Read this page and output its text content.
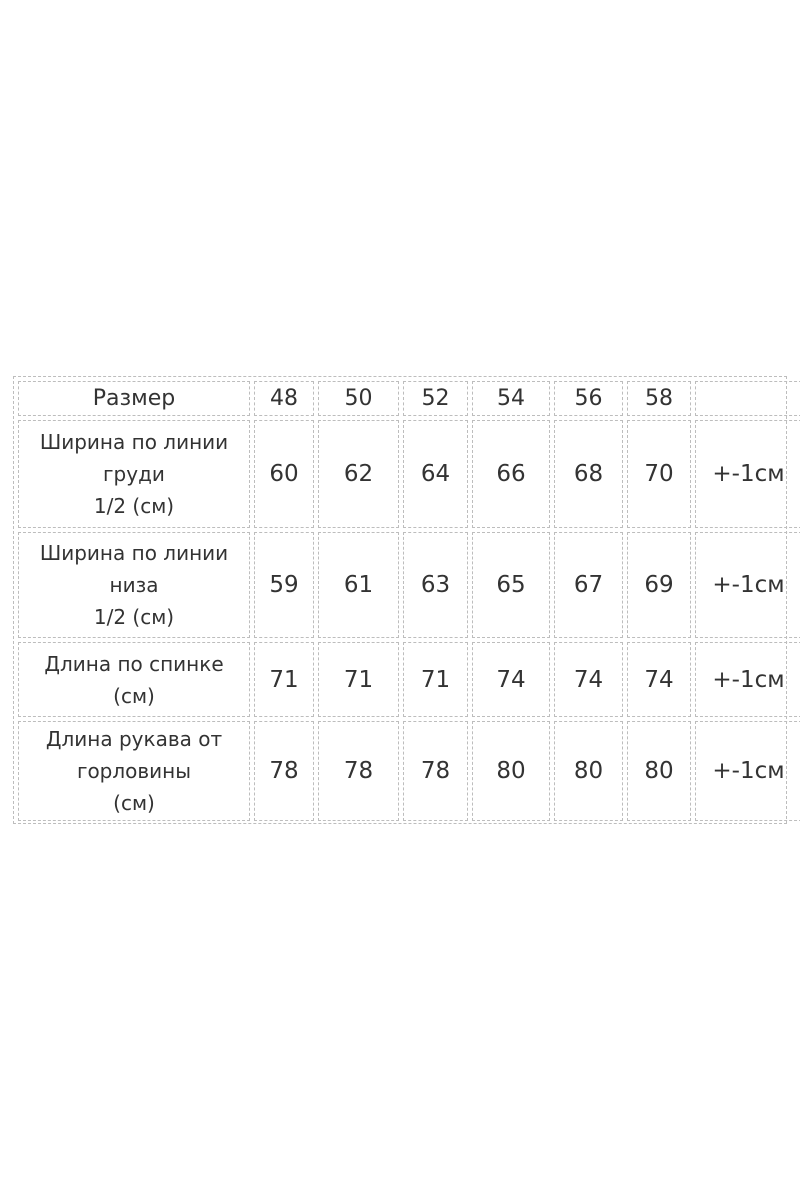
Размер	48	50	52	54	56	58
Ширина по линии
груди
1/2 (см)
60	62	64	66	68	70	+-1см
Ширина по линии
низа
1/2 (см)
59	61	63	65	67	69	+-1см
Длина по спинке
(см)
71	71	71	74	74	74	+-1см
Длина рукава от
горловины
(см)
78	78	78	80	80	80	+-1см
